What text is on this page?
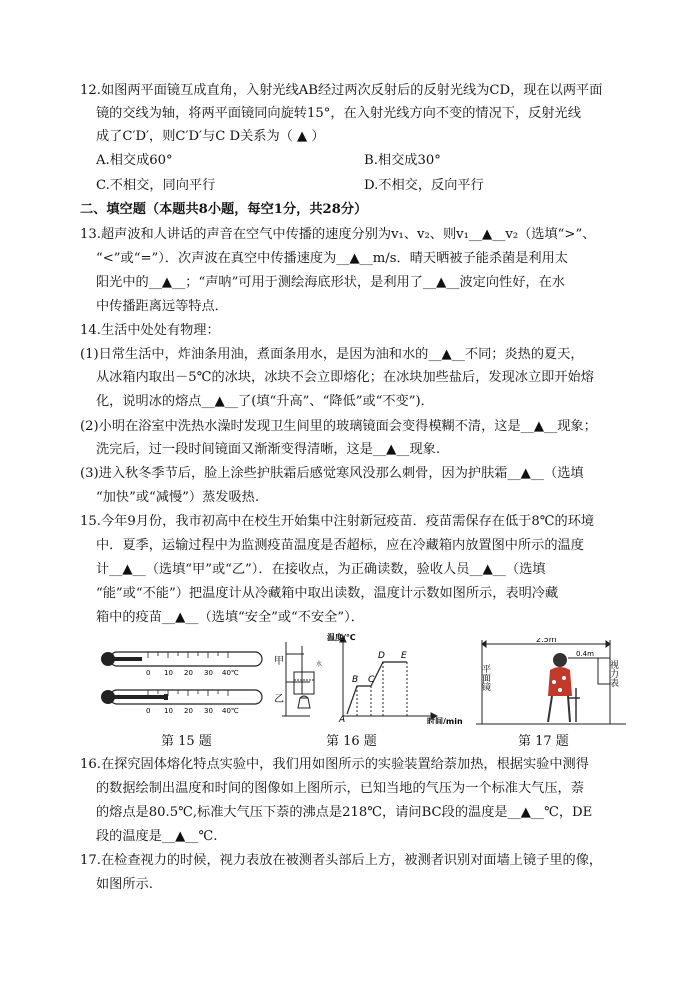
12.如图两平面镜互成直角，入射光线AB经过两次反射后的反射光线为CD，现在以两平面
镜的交线为轴，将两平面镜同向旋转15°，在入射光线方向不变的情况下，反射光线
成了C′D′，则C′D′与C D关系为（ ▲ ）
A.相交成60°	B.相交成30°
C.不相交，同向平行	D.不相交，反向平行
二、填空题（本题共8小题，每空1分，共28分）
13.超声波和人讲话的声音在空气中传播的速度分别为v₁、v₂、则v₁__▲__v₂（选填“>”、
“<”或“=”）．次声波在真空中传播速度为__▲__m/s．晴天晒被子能杀菌是利用太
阳光中的__▲__；“声呐”可用于测绘海底形状，是利用了__▲__波定向性好，在水
中传播距离远等特点．
14.生活中处处有物理：
(1)日常生活中，炸油条用油，煮面条用水，是因为油和水的__▲__不同；炎热的夏天，
从冰箱内取出－5℃的冰块，冰块不会立即熔化；在冰块加些盐后，发现冰立即开始熔
化，说明冰的熔点__▲__了(填“升高”、“降低”或“不变”)．
(2)小明在浴室中洗热水澡时发现卫生间里的玻璃镜面会变得模糊不清，这是__▲__现象；
洗完后，过一段时间镜面又渐渐变得清晰，这是__▲__现象.
(3)进入秋冬季节后，脸上涂些护肤霜后感觉寒风没那么刺骨，因为护肤霜__▲__（选填
“加快”或“减慢”）蒸发吸热.
15.今年9月份，我市初高中在校生开始集中注射新冠疫苗．疫苗需保存在低于8℃的环境
中．夏季，运输过程中为监测疫苗温度是否超标，应在冷藏箱内放置图中所示的温度
计__▲__（选填“甲”或“乙”）．在接收点，为正确读数，验收人员__▲__（选填
“能”或“不能”）把温度计从冷藏箱中取出读数，温度计示数如图所示，表明冷藏
箱中的疫苗__▲__（选填“安全”或“不安全”）．
0 10 20 30 40℃
甲
0 10 20 30 40℃
乙
水
温度/℃
时间/min
A
B C
D E
2.5m
0.4m
平面镜	视力表
第 15 题	第 16 题	第 17 题
16.在探究固体熔化特点实验中，我们用如图所示的实验装置给萘加热，根据实验中测得
的数据绘制出温度和时间的图像如上图所示，已知当地的气压为一个标准大气压，萘
的熔点是80.5℃,标准大气压下萘的沸点是218℃，请问BC段的温度是__▲__℃，DE
段的温度是__▲__℃.
17.在检查视力的时候，视力表放在被测者头部后上方，被测者识别对面墙上镜子里的像，
如图所示.
